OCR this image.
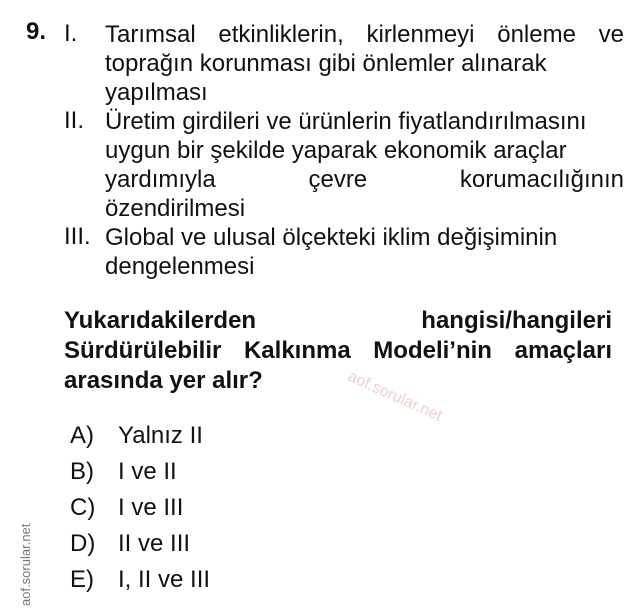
9. I. Tarımsal etkinliklerin, kirlenmeyi önleme ve
toprağın korunması gibi önlemler alınarak
yapılması
II. Üretim girdileri ve ürünlerin fiyatlandırılmasını
uygun bir şekilde yaparak ekonomik araçlar
yardımıyla çevre korumacılığının
özendirilmesi
III. Global ve ulusal ölçekteki iklim değişiminin
dengelenmesi
Yukarıdakilerden hangisi/hangileri
Sürdürülebilir Kalkınma Modeli’nin amaçları
arasında yer alır?
A)	Yalnız II
B)	I ve II
C) I ve III
D) II ve III
E)	I, II ve III
aof.sorular.net
aof.sorular.net
